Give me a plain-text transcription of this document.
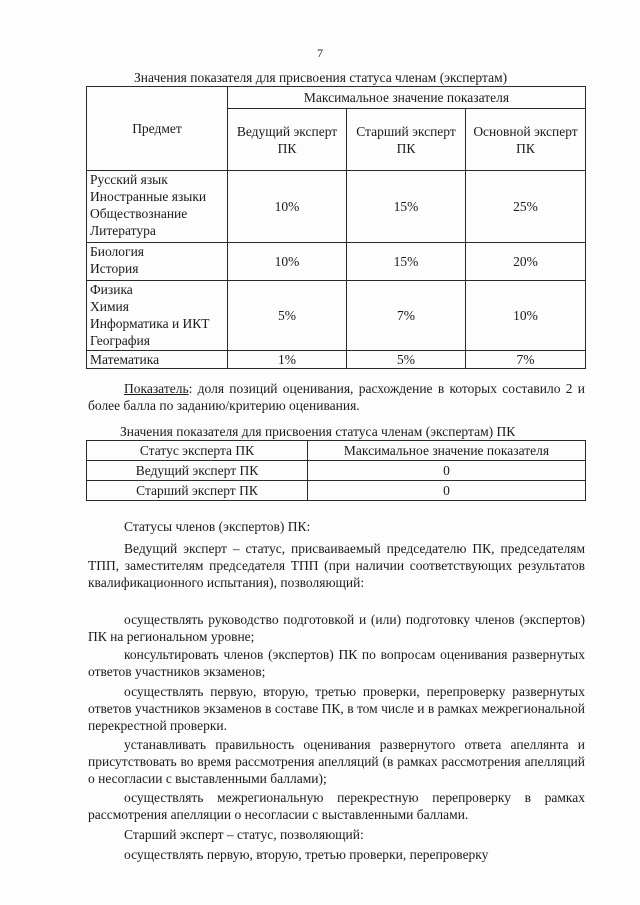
7
Значения показателя для присвоения статуса членам (экспертам)
Предмет	Максимальное значение показателя		
	Ведущий эксперт ПК	Старший эксперт ПК	Основной эксперт ПК

Русский язык
Иностранные языки
Обществознание
Литература	10%	15%	25%

Биология
История	10%	15%	20%

Физика
Химия
Информатика и ИКТ
География	5%	7%	10%

Математика	1%	5%	7%
Показатель: доля позиций оценивания, расхождение в которых составило 2 и более балла по заданию/критерию оценивания.
Значения показателя для присвоения статуса членам (экспертам) ПК
Статус эксперта ПК	Максимальное значение показателя
Ведущий эксперт ПК	0
Старший эксперт ПК	0
Статусы членов (экспертов) ПК:
Ведущий эксперт – статус, присваиваемый председателю ПК, председателям ТПП, заместителям председателя ТПП (при наличии соответствующих результатов квалификационного испытания), позволяющий:
осуществлять руководство подготовкой и (или) подготовку членов (экспертов) ПК на региональном уровне;
консультировать членов (экспертов) ПК по вопросам оценивания развернутых ответов участников экзаменов;
осуществлять первую, вторую, третью проверки, перепроверку развернутых ответов участников экзаменов в составе ПК, в том числе и в рамках межрегиональной перекрестной проверки.
устанавливать правильность оценивания развернутого ответа апеллянта и присутствовать во время рассмотрения апелляций (в рамках рассмотрения апелляций о несогласии с выставленными баллами);
осуществлять межрегиональную перекрестную перепроверку в рамках рассмотрения апелляции о несогласии с выставленными баллами.
Старший эксперт – статус, позволяющий:
осуществлять первую, вторую, третью проверки, перепроверку
